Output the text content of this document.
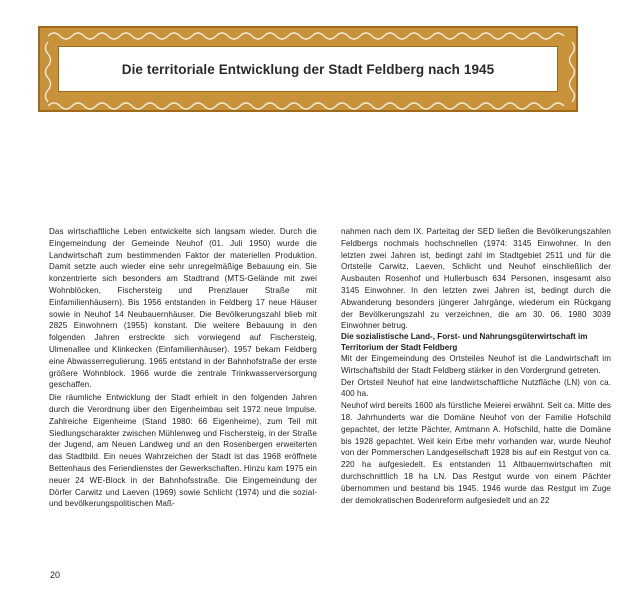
Die territoriale Entwicklung der Stadt Feldberg nach 1945

Das wirtschaftliche Leben entwickelte sich langsam wieder. Durch die Eingemeindung der Gemeinde Neuhof (01. Juli 1950) wurde die Landwirtschaft zum bestimmenden Faktor der materiellen Produktion. Damit setzte auch wieder eine sehr unregelmäßige Bebauung ein. Sie konzentrierte sich besonders am Stadtrand (MTS-Gelände mit zwei Wohnblöcken, Fischersteig und Prenzlauer Straße mit Einfamilienhäusern). Bis 1956 entstanden in Feldberg 17 neue Häuser sowie in Neuhof 14 Neubauernhäuser. Die Bevölkerungszahl blieb mit 2825 Einwohnern (1955) konstant. Die weitere Bebauung in den folgenden Jahren erstreckte sich vorwiegend auf Fischersteig, Ulmenallee und Klinkecken (Einfamilienhäuser). 1957 bekam Feldberg eine Abwasserregulierung. 1965 entstand in der Bahnhofstraße der erste größere Wohnblock. 1966 wurde die zentrale Trinkwasserversorgung geschaffen.

Die räumliche Entwicklung der Stadt erhielt in den folgenden Jahren durch die Verordnung über den Eigenheimbau seit 1972 neue Impulse. Zahlreiche Eigenheime (Stand 1980: 66 Eigenheime), zum Teil mit Siedlungscharakter zwischen Mühlenweg und Fischersteig, in der Straße der Jugend, am Neuen Landweg und an den Rosenbergen erweiterten das Stadtbild. Ein neues Wahrzeichen der Stadt ist das 1968 eröffnete Bettenhaus des Feriendienstes der Gewerkschaften. Hinzu kam 1975 ein neuer 24 WE-Block in der Bahnhofsstraße. Die Eingemeindung der Dörfer Carwitz und Laeven (1969) sowie Schlicht (1974) und die sozial- und bevölkerungspolitischen Maß-

nahmen nach dem IX. Parteitag der SED ließen die Bevölkerungszahlen Feldbergs nochmals hochschnellen (1974: 3145 Einwohner. In den letzten zwei Jahren ist, bedingt zahl im Stadtgebiet 2511 und für die Ortsteile Carwitz, Laeven, Schlicht und Neuhof einschließlich der Ausbauten Rosenhof und Hullerbusch 634 Personen, insgesamt also 3145 Einwohner. In den letzten zwei Jahren ist, bedingt durch die Abwanderung besonders jüngerer Jahrgänge, wiederum ein Rückgang der Bevölkerungszahl zu verzeichnen, die am 30. 06. 1980 3039 Einwohner betrug.

Die sozialistische Land-, Forst- und Nahrungsgüterwirtschaft im Territorium der Stadt Feldberg

Mit der Eingemeindung des Ortsteiles Neuhof ist die Landwirtschaft im Wirtschaftsbild der Stadt Feldberg stärker in den Vordergrund getreten.

Der Ortsteil Neuhof hat eine landwirtschaftliche Nutzfläche (LN) von ca. 400 ha.

Neuhof wird bereits 1600 als fürstliche Meierei erwähnt. Seit ca. Mitte des 18. Jahrhunderts war die Domäne Neuhof von der Familie Hofschild gepachtet, der letzte Pächter, Amtmann A. Hofschild, hatte die Domäne bis 1928 gepachtet. Weil kein Erbe mehr vorhanden war, wurde Neuhof von der Pommerschen Landgesellschaft 1928 bis auf ein Restgut von ca. 220 ha aufgesiedelt. Es entstanden 11 Altbauernwirtschaften mit durchschnittlich 18 ha LN. Das Restgut wurde von einem Pächter übernommen und bestand bis 1945. 1946 wurde das Restgut im Zuge der demokratischen Bodenreform aufgesiedelt und an 22

20
